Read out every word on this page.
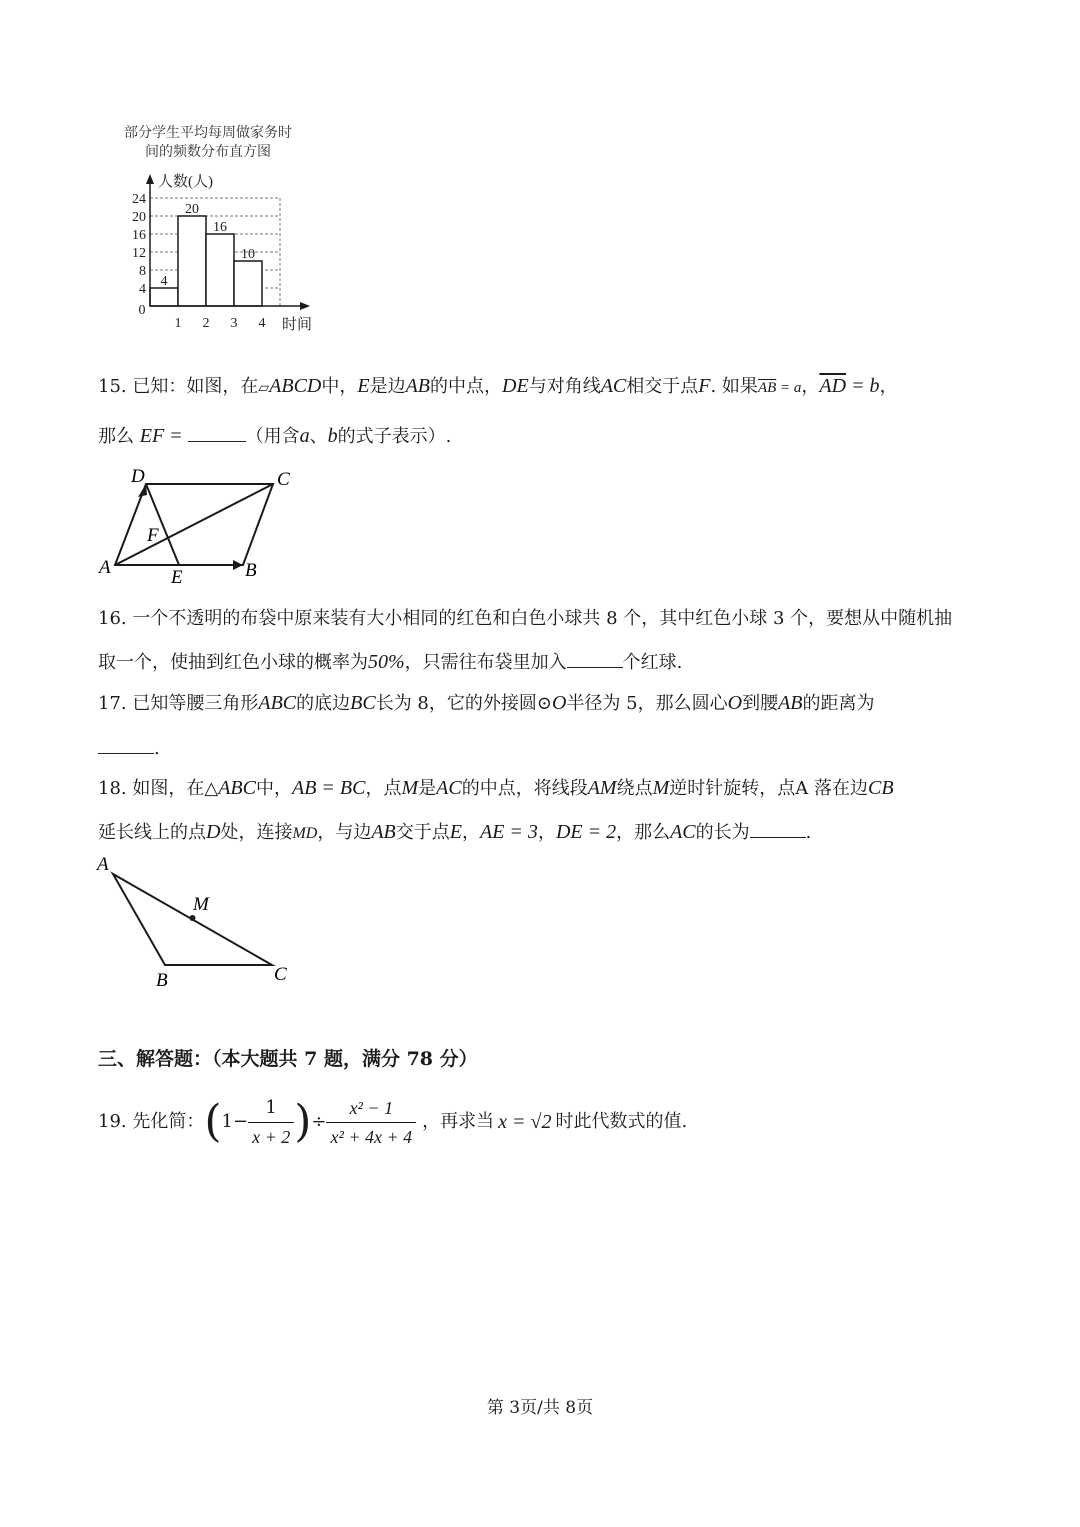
部分学生平均每周做家务时
间的频数分布直方图
4
20
16
10
4
8
12
16
20
24
0
1 2 3 4
人数(人)
时间
15. 已知：如图，在▱ABCD中，E是边AB的中点，DE与对角线AC相交于点F. 如果$\overline{AB} = a$，$\overline{AD} = b$，
那么 EF =	（用含a、b的式子表示）.
D	C
F
A	E	B
16. 一个不透明的布袋中原来装有大小相同的红色和白色小球共 8 个，其中红色小球 3 个，要想从中随机抽
取一个，使抽到红色小球的概率为50%，只需往布袋里加入	个红球.
17. 已知等腰三角形ABC的底边BC长为 8，它的外接圆⊙O半径为 5，那么圆心O到腰AB的距离为
.
18. 如图，在△ABC中，AB = BC，点M是AC的中点，将线段AM绕点M逆时针旋转，点A 落在边CB
延长线上的点D处，连接MD，与边AB交于点E，AE = 3，DE = 2，那么AC的长为	.
A
M
B	C
三、解答题：（本大题共 7 题，满分 78 分）
19. 先化简： ( $1 - \frac{1}{x + 2}$ ) ÷ $\frac{\text{x² − 1}}{\text{x² + 4x + 4}}$ ，再求当 x = √2 时此代数式的值.
第 3页/共 8页
